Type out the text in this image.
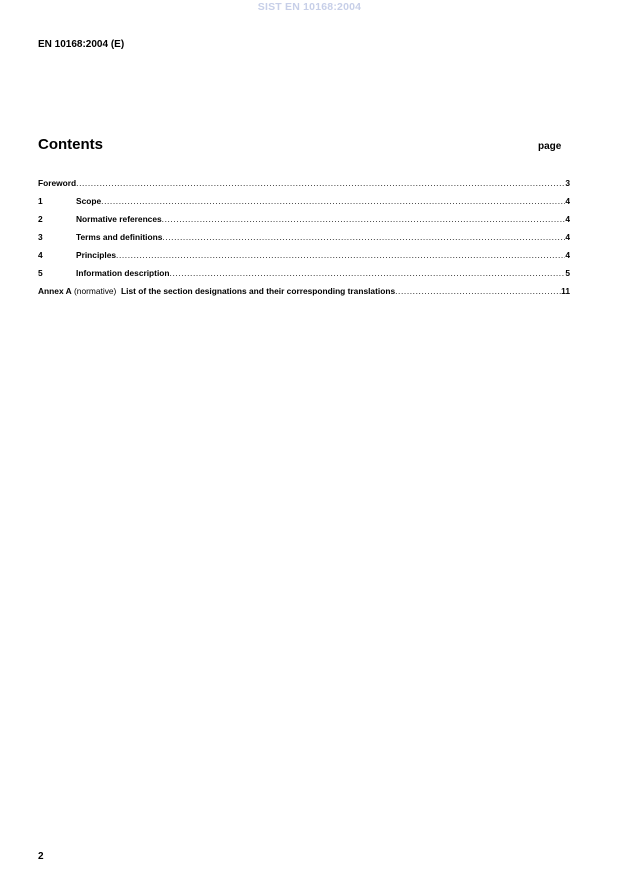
SIST EN 10168:2004
EN 10168:2004 (E)
Contents	page
Foreword .....	3
1	Scope .....	4
2	Normative references .....	4
3	Terms and definitions .....	4
4	Principles .....	4
5	Information description .....	5
Annex A (normative) List of the section designations and their corresponding translations .....	11
2
